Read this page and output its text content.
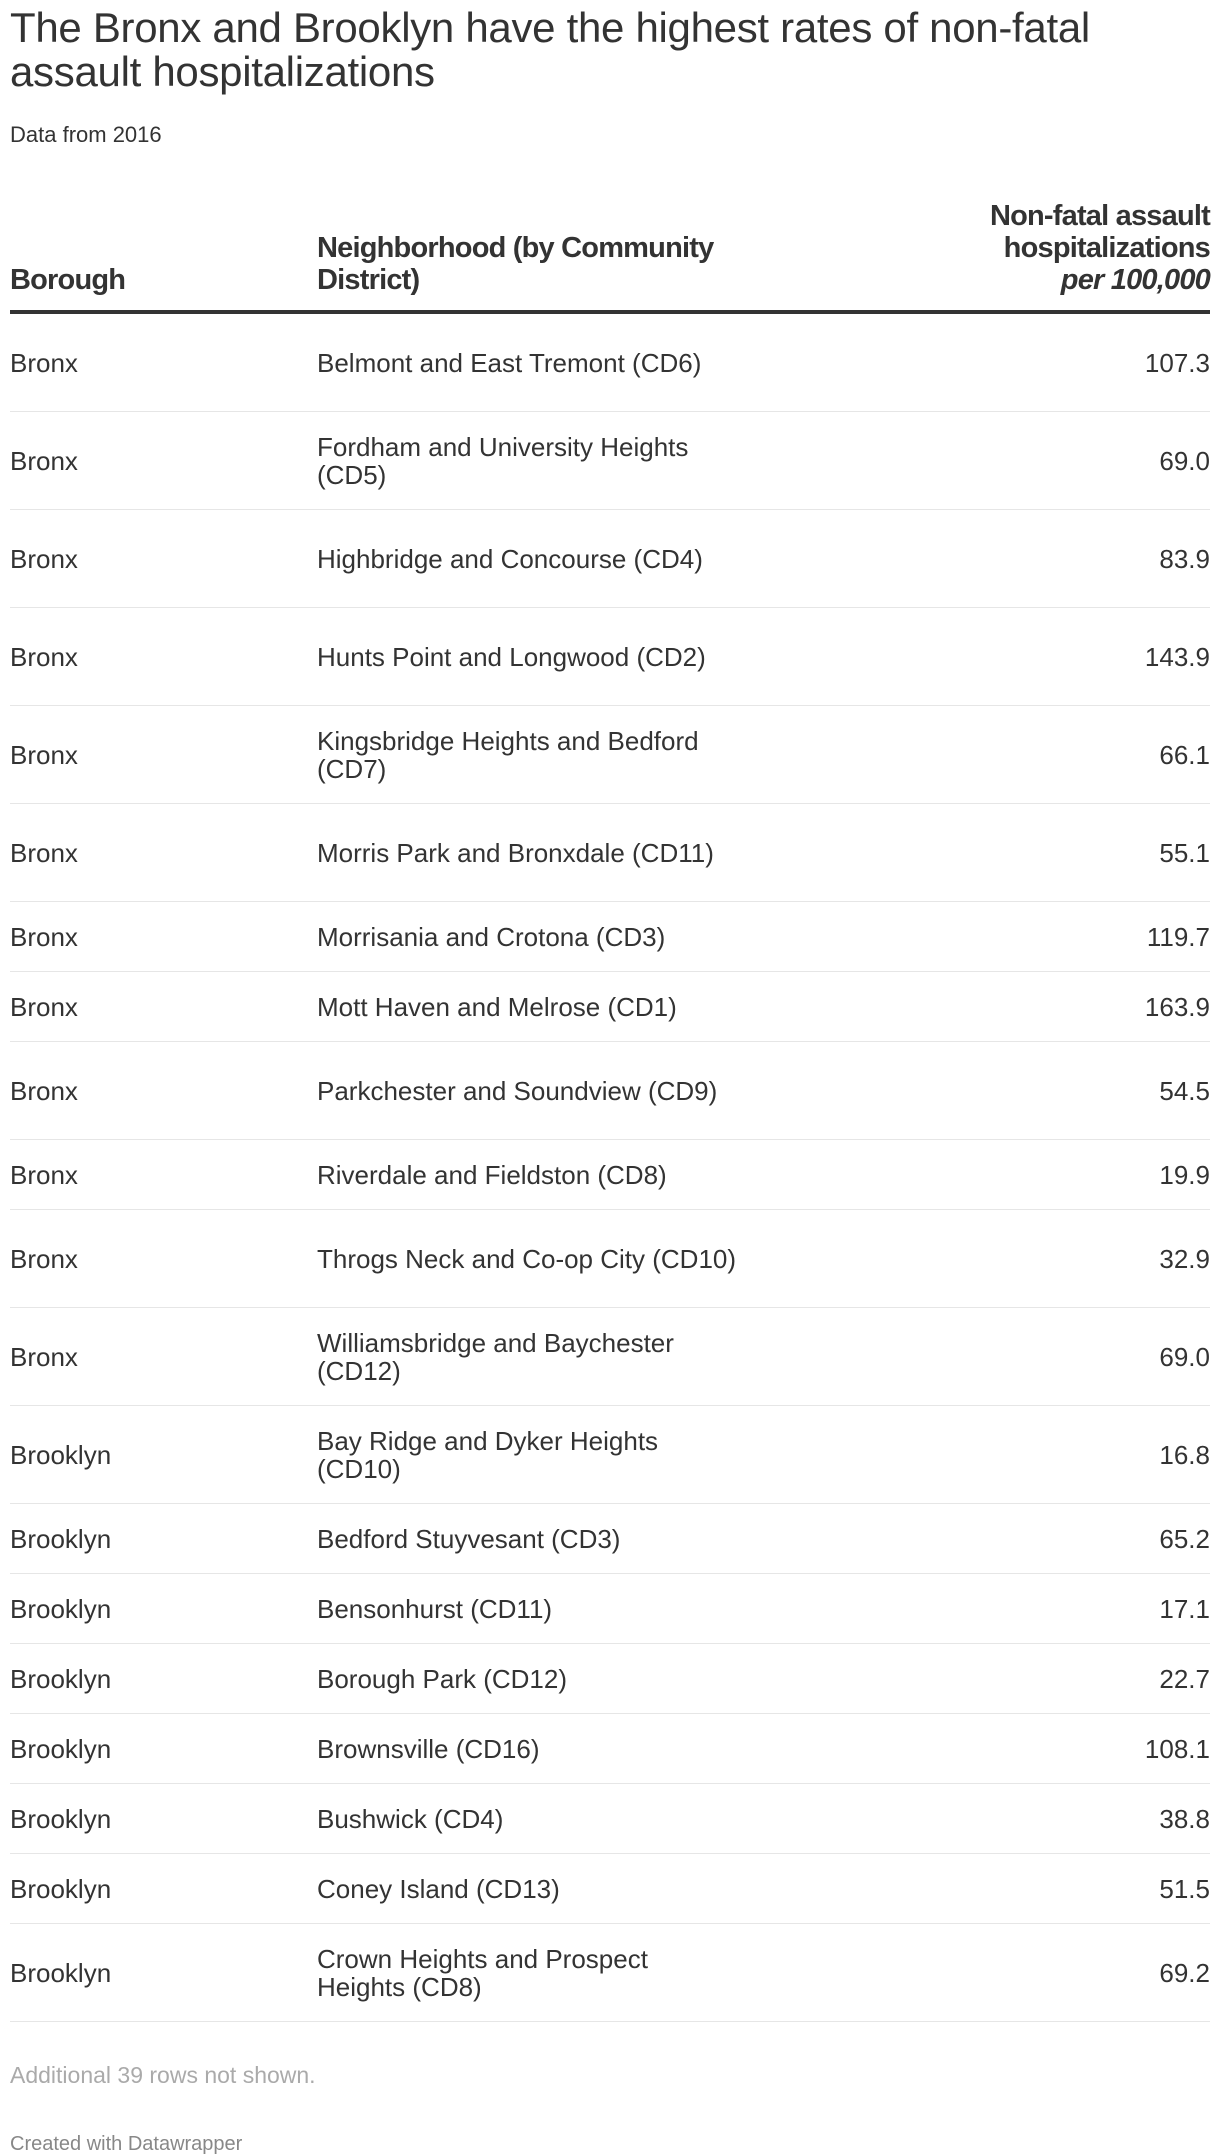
The Bronx and Brooklyn have the highest rates of non-fatal assault hospitalizations
Data from 2016
Borough	Neighborhood (by Community District)	Non-fatal assault
hospitalizations
per 100,000

Bronx	Belmont and East Tremont (CD6)	107.3
Bronx	Fordham and University Heights (CD5)	69.0
Bronx	Highbridge and Concourse (CD4)	83.9
Bronx	Hunts Point and Longwood (CD2)	143.9
Bronx	Kingsbridge Heights and Bedford (CD7)	66.1
Bronx	Morris Park and Bronxdale (CD11)	55.1
Bronx	Morrisania and Crotona (CD3)	119.7
Bronx	Mott Haven and Melrose (CD1)	163.9
Bronx	Parkchester and Soundview (CD9)	54.5
Bronx	Riverdale and Fieldston (CD8)	19.9
Bronx	Throgs Neck and Co-op City (CD10)	32.9
Bronx	Williamsbridge and Baychester (CD12)	69.0
Brooklyn	Bay Ridge and Dyker Heights (CD10)	16.8
Brooklyn	Bedford Stuyvesant (CD3)	65.2
Brooklyn	Bensonhurst (CD11)	17.1
Brooklyn	Borough Park (CD12)	22.7
Brooklyn	Brownsville (CD16)	108.1
Brooklyn	Bushwick (CD4)	38.8
Brooklyn	Coney Island (CD13)	51.5
Brooklyn	Crown Heights and Prospect Heights (CD8)	69.2
Additional 39 rows not shown.
Created with Datawrapper
